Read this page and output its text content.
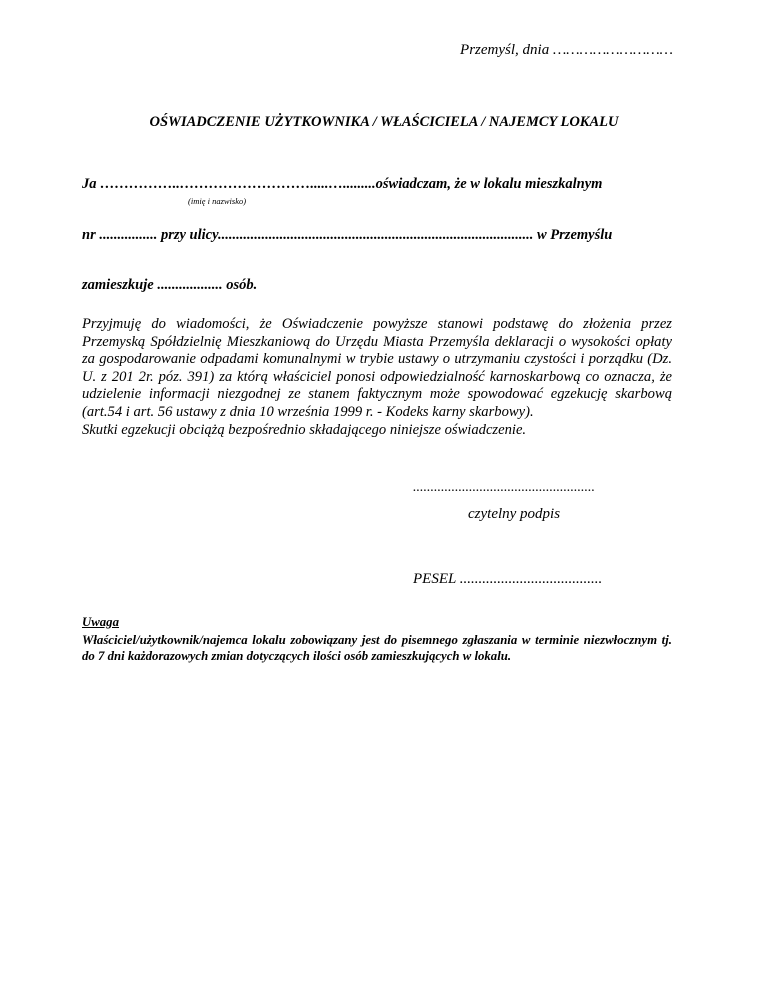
Przemyśl, dnia ………………………
OŚWIADCZENIE UŻYTKOWNIKA / WŁAŚCICIELA / NAJEMCY LOKALU
Ja ……………..……………………….....….........oświadczam, że w lokalu mieszkalnym
(imię i nazwisko)
nr ................ przy ulicy....................................................................................... w Przemyślu
zamieszkuje .................. osób.

Przyjmuję do wiadomości, że Oświadczenie powyższe stanowi podstawę do złożenia przez Przemyską Spółdzielnię Mieszkaniową do Urzędu Miasta Przemyśla deklaracji o wysokości opłaty za gospodarowanie odpadami komunalnymi w trybie ustawy o utrzymaniu czystości i porządku (Dz. U. z 201 2r. póz. 391) za którą właściciel ponosi odpowiedzialność karnoskarbową co oznacza, że udzielenie informacji niezgodnej ze stanem faktycznym może spowodować egzekucję skarbową (art.54 i art. 56 ustawy z dnia 10 września 1999 r. - Kodeks karny skarbowy).

Skutki egzekucji obciążą bezpośrednio składającego niniejsze oświadczenie.

....................................................
czytelny podpis
PESEL ......................................
Uwaga

Właściciel/użytkownik/najemca lokalu zobowiązany jest do pisemnego zgłaszania w terminie niezwłocznym tj. do 7 dni każdorazowych zmian dotyczących ilości osób zamieszkujących w lokalu.
